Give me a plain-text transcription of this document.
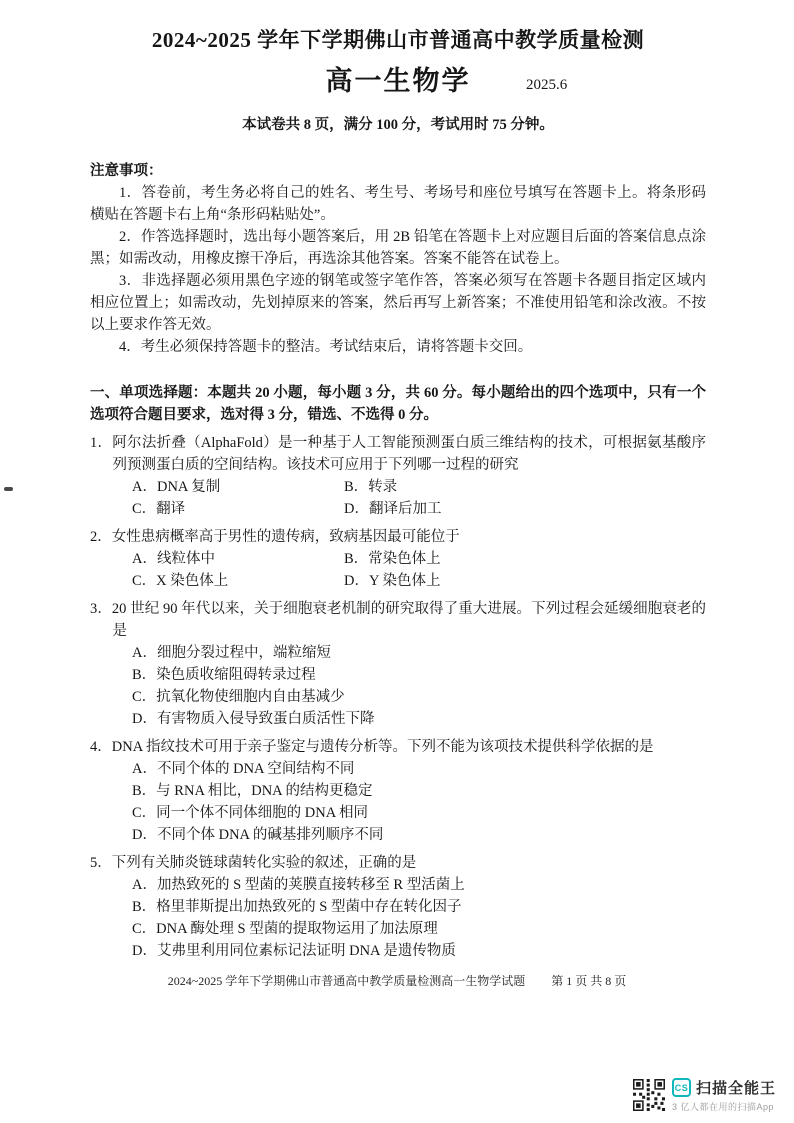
2024~2025 学年下学期佛山市普通高中教学质量检测
高一生物学	2025.6

本试卷共 8 页，满分 100 分，考试用时 75 分钟。

注意事项：

1．答卷前，考生务必将自己的姓名、考生号、考场号和座位号填写在答题卡上。将条形码横贴在答题卡右上角“条形码粘贴处”。

2．作答选择题时，选出每小题答案后，用 2B 铅笔在答题卡上对应题目后面的答案信息点涂黑；如需改动，用橡皮擦干净后，再选涂其他答案。答案不能答在试卷上。

3．非选择题必须用黑色字迹的钢笔或签字笔作答，答案必须写在答题卡各题目指定区域内相应位置上；如需改动，先划掉原来的答案，然后再写上新答案；不准使用铅笔和涂改液。不按以上要求作答无效。

4．考生必须保持答题卡的整洁。考试结束后，请将答题卡交回。

一、单项选择题：本题共 20 小题，每小题 3 分，共 60 分。每小题给出的四个选项中，只有一个选项符合题目要求，选对得 3 分，错选、不选得 0 分。

1．阿尔法折叠（AlphaFold）是一种基于人工智能预测蛋白质三维结构的技术，可根据氨基酸序列预测蛋白质的空间结构。该技术可应用于下列哪一过程的研究

A．DNA 复制	B．转录
C．翻译	D．翻译后加工

2．女性患病概率高于男性的遗传病，致病基因最可能位于

A．线粒体中	B．常染色体上
C．X 染色体上	D．Y 染色体上

3．20 世纪 90 年代以来，关于细胞衰老机制的研究取得了重大进展。下列过程会延缓细胞衰老的是

A．细胞分裂过程中，端粒缩短
B．染色质收缩阻碍转录过程
C．抗氧化物使细胞内自由基减少
D．有害物质入侵导致蛋白质活性下降

4．DNA 指纹技术可用于亲子鉴定与遗传分析等。下列不能为该项技术提供科学依据的是

A．不同个体的 DNA 空间结构不同
B．与 RNA 相比，DNA 的结构更稳定
C．同一个体不同体细胞的 DNA 相同
D．不同个体 DNA 的碱基排列顺序不同

5．下列有关肺炎链球菌转化实验的叙述，正确的是

A．加热致死的 S 型菌的荚膜直接转移至 R 型活菌上
B．格里菲斯提出加热致死的 S 型菌中存在转化因子
C．DNA 酶处理 S 型菌的提取物运用了加法原理
D．艾弗里利用同位素标记法证明 DNA 是遗传物质
2024~2025 学年下学期佛山市普通高中教学质量检测高一生物学试题 第 1 页 共 8 页
CS 扫描全能王
3 亿人都在用的扫描App
